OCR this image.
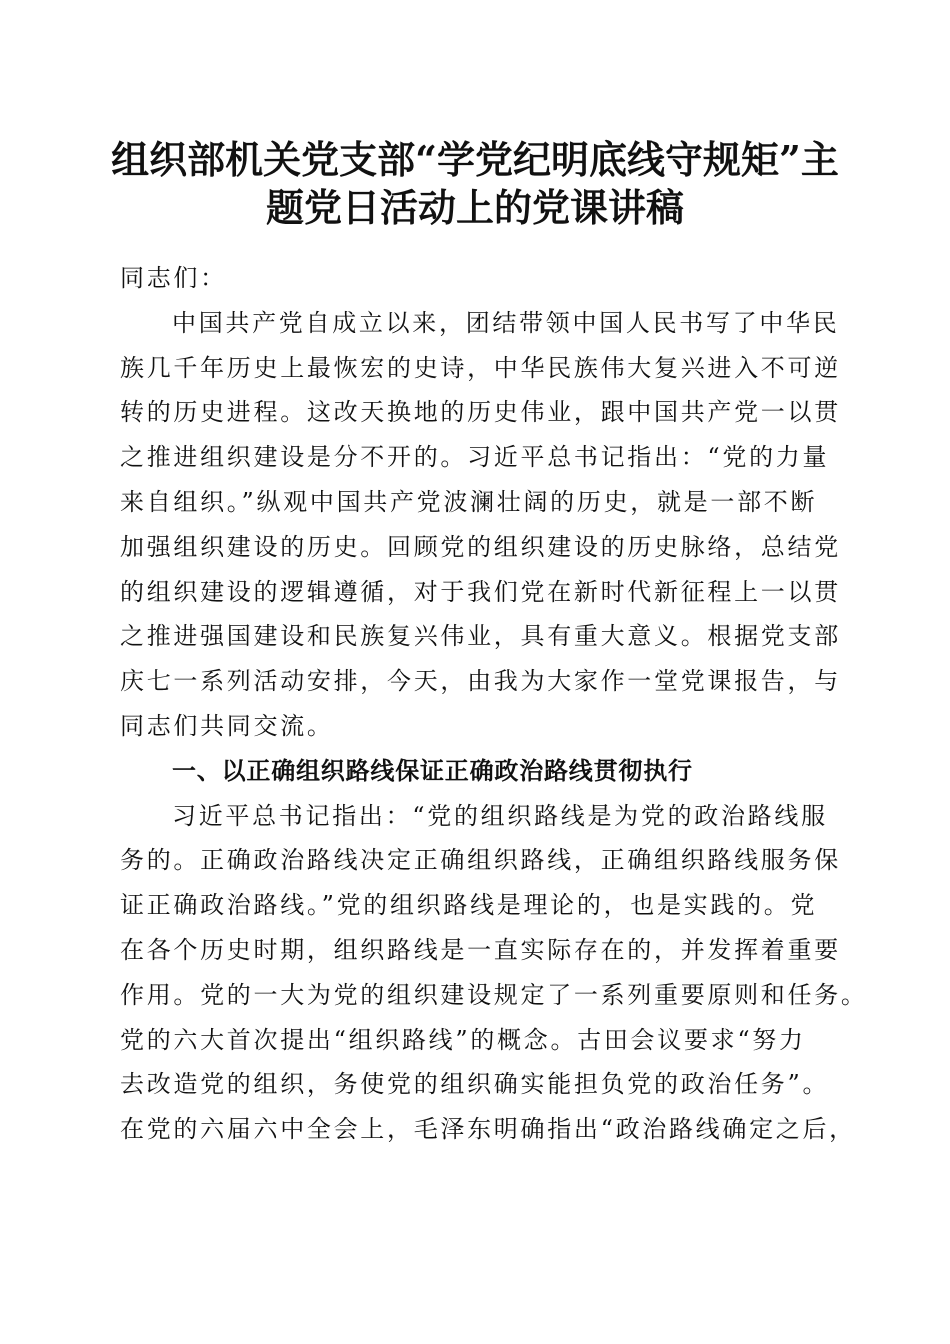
组织部机关党支部“学党纪明底线守规矩”主
题党日活动上的党课讲稿
同志们：
中国共产党自成立以来，团结带领中国人民书写了中华民
族几千年历史上最恢宏的史诗，中华民族伟大复兴进入不可逆
转的历史进程。这改天换地的历史伟业，跟中国共产党一以贯
之推进组织建设是分不开的。习近平总书记指出：“党的力量
来自组织。”纵观中国共产党波澜壮阔的历史，就是一部不断
加强组织建设的历史。回顾党的组织建设的历史脉络，总结党
的组织建设的逻辑遵循，对于我们党在新时代新征程上一以贯
之推进强国建设和民族复兴伟业，具有重大意义。根据党支部
庆七一系列活动安排，今天，由我为大家作一堂党课报告，与
同志们共同交流。
一、以正确组织路线保证正确政治路线贯彻执行
习近平总书记指出：“党的组织路线是为党的政治路线服
务的。正确政治路线决定正确组织路线，正确组织路线服务保
证正确政治路线。”党的组织路线是理论的，也是实践的。党
在各个历史时期，组织路线是一直实际存在的，并发挥着重要
作用。党的一大为党的组织建设规定了一系列重要原则和任务。
党的六大首次提出“组织路线”的概念。古田会议要求“努力
去改造党的组织，务使党的组织确实能担负党的政治任务”。
在党的六届六中全会上，毛泽东明确指出“政治路线确定之后，
